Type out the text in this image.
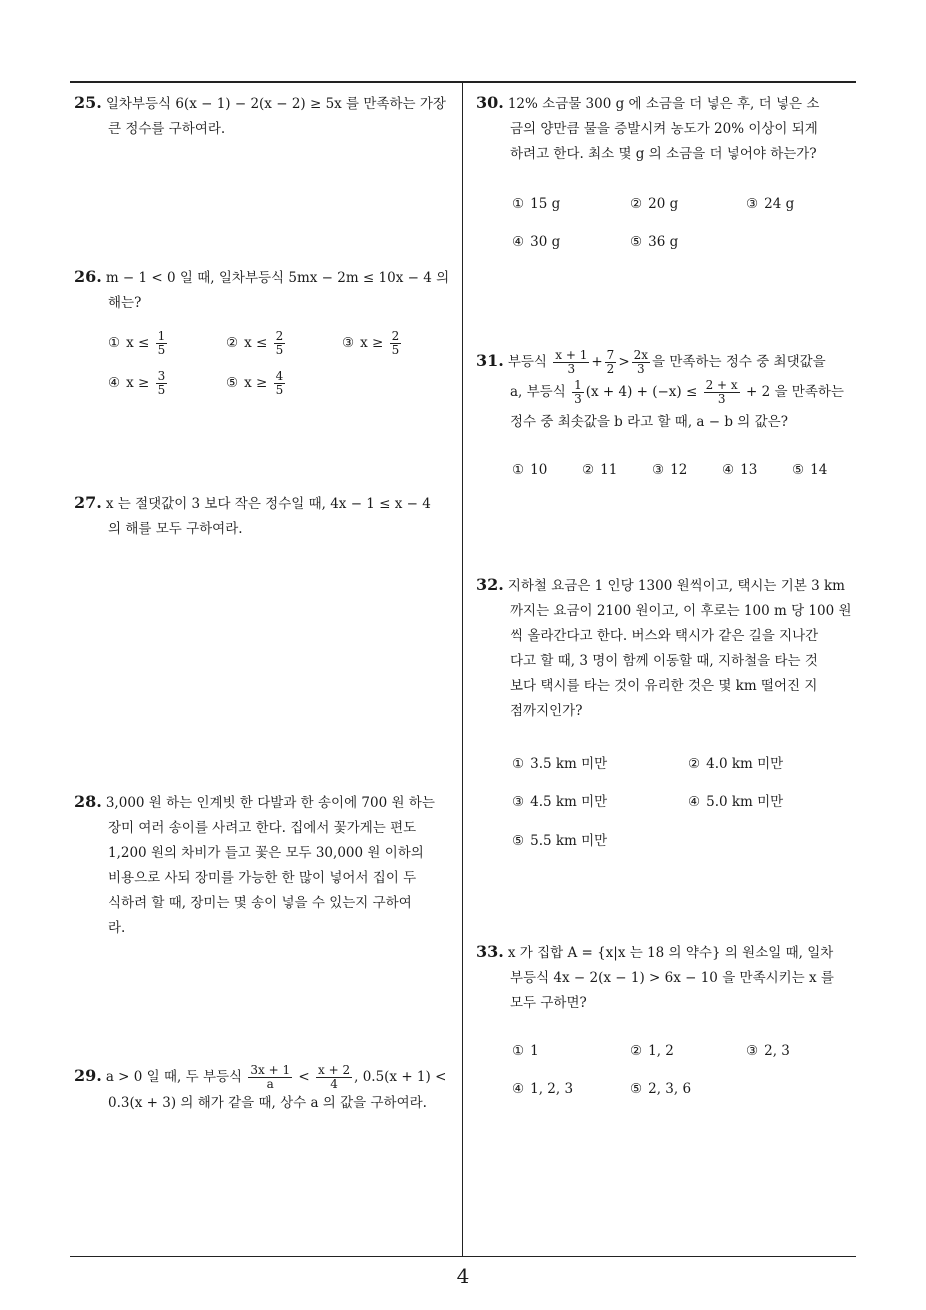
25. 일차부등식 6(x − 1) − 2(x − 2) ≥ 5x 를 만족하는 가장
큰 정수를 구하여라.

26. m − 1 < 0 일 때, 일차부등식 5mx − 2m ≤ 10x − 4 의
해는?

① $x \le \frac{1}{5}$	② $x \le \frac{2}{5}$	③ $x \ge \frac{2}{5}$
④ $x \ge \frac{3}{5}$	⑤ $x \ge \frac{4}{5}$

27. x 는 절댓값이 3 보다 작은 정수일 때, 4x − 1 ≤ x − 4
의 해를 모두 구하여라.

28. 3,000 원 하는 인계빗 한 다발과 한 송이에 700 원 하는
장미 여러 송이를 사려고 한다. 집에서 꽃가게는 편도
1,200 원의 차비가 들고 꽃은 모두 30,000 원 이하의
비용으로 사되 장미를 가능한 한 많이 넣어서 집이 두
식하려 할 때, 장미는 몇 송이 넣을 수 있는지 구하여
라.

29. a > 0 일 때, 두 부등식 $\frac{3x + 1}{a} < \frac{x + 2}{4}$ , 0.5(x + 1) <
0.3(x + 3) 의 해가 같을 때, 상수 a 의 값을 구하여라.

30. 12% 소금물 300 g 에 소금을 더 넣은 후, 더 넣은 소
금의 양만큼 물을 증발시켜 농도가 20% 이상이 되게
하려고 한다. 최소 몇 g 의 소금을 더 넣어야 하는가?

① 15 g	② 20 g	③ 24 g
④ 30 g	⑤ 36 g

31. 부등식 $\frac{x + 1}{3} + \frac{7}{2} > \frac{2x}{3}$ 을 만족하는 정수 중 최댓값을
a, 부등식 $\frac{1}{3} (x + 4) + (-x) \le \frac{2 + x}{3} + 2$ 을 만족하는
정수 중 최솟값을 b 라고 할 때, a − b 의 값은?

① 10	② 11	③ 12	④ 13	⑤ 14

32. 지하철 요금은 1 인당 1300 원씩이고, 택시는 기본 3 km
까지는 요금이 2100 원이고, 이 후로는 100 m 당 100 원
씩 올라간다고 한다. 버스와 택시가 같은 길을 지나간
다고 할 때, 3 명이 함께 이동할 때, 지하철을 타는 것
보다 택시를 타는 것이 유리한 것은 몇 km 떨어진 지
점까지인가?

① 3.5 km 미만	② 4.0 km 미만
③ 4.5 km 미만	④ 5.0 km 미만
⑤ 5.5 km 미만

33. x 가 집합 A = {x|x 는 18 의 약수} 의 원소일 때, 일차
부등식 4x − 2(x − 1) > 6x − 10 을 만족시키는 x 를
모두 구하면?

① 1	② 1, 2	③ 2, 3
④ 1, 2, 3	⑤ 2, 3, 6
4
